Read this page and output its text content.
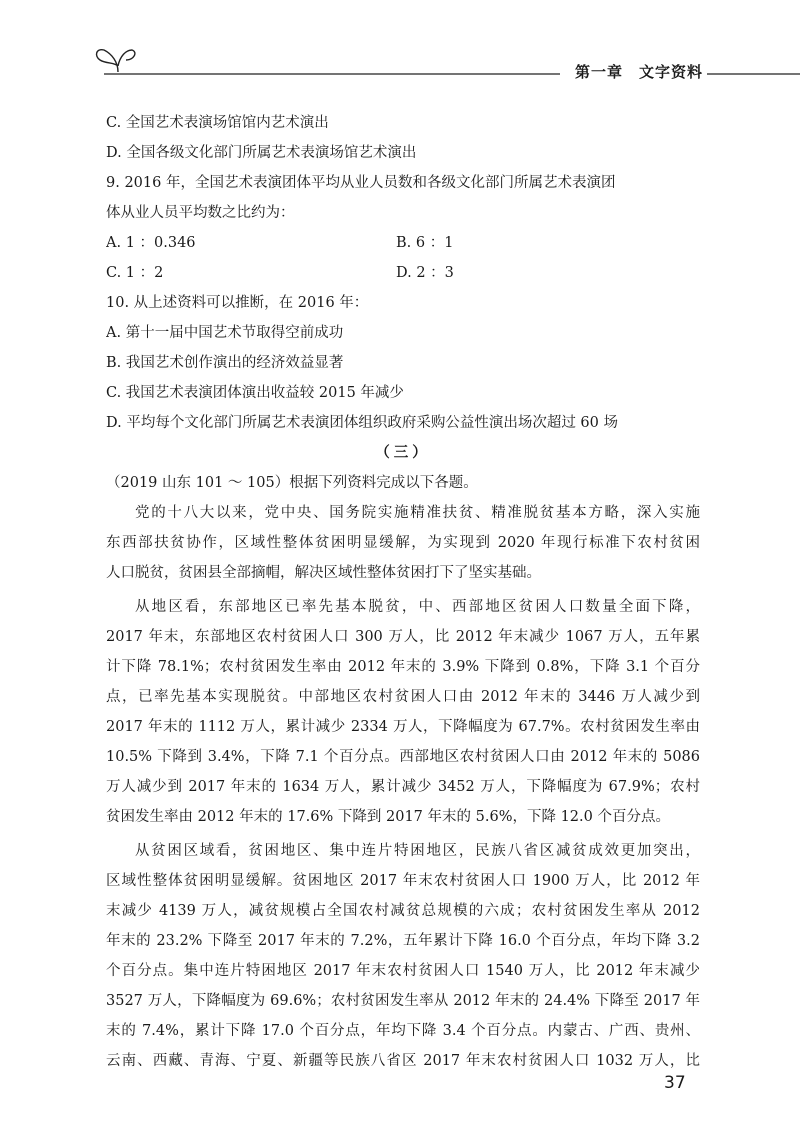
第一章　文字资料
C. 全国艺术表演场馆馆内艺术演出
D. 全国各级文化部门所属艺术表演场馆艺术演出
9. 2016 年，全国艺术表演团体平均从业人员数和各级文化部门所属艺术表演团
体从业人员平均数之比约为：
A. 1 ：0.346	B. 6 ：1
C. 1 ：2	D. 2 ：3
10. 从上述资料可以推断，在 2016 年：
A. 第十一届中国艺术节取得空前成功
B. 我国艺术创作演出的经济效益显著
C. 我国艺术表演团体演出收益较 2015 年减少
D. 平均每个文化部门所属艺术表演团体组织政府采购公益性演出场次超过 60 场
（三）
（2019 山东 101 ～ 105）根据下列资料完成以下各题。
党的十八大以来，党中央、国务院实施精准扶贫、精准脱贫基本方略，深入实施
东西部扶贫协作，区域性整体贫困明显缓解，为实现到 2020 年现行标准下农村贫困
人口脱贫，贫困县全部摘帽，解决区域性整体贫困打下了坚实基础。
从地区看，东部地区已率先基本脱贫，中、西部地区贫困人口数量全面下降，
2017 年末，东部地区农村贫困人口 300 万人，比 2012 年末减少 1067 万人，五年累
计下降 78.1%；农村贫困发生率由 2012 年末的 3.9% 下降到 0.8%，下降 3.1 个百分
点，已率先基本实现脱贫。中部地区农村贫困人口由 2012 年末的 3446 万人减少到
2017 年末的 1112 万人，累计减少 2334 万人，下降幅度为 67.7%。农村贫困发生率由
10.5% 下降到 3.4%，下降 7.1 个百分点。西部地区农村贫困人口由 2012 年末的 5086
万人减少到 2017 年末的 1634 万人，累计减少 3452 万人，下降幅度为 67.9%；农村
贫困发生率由 2012 年末的 17.6% 下降到 2017 年末的 5.6%，下降 12.0 个百分点。
从贫困区域看，贫困地区、集中连片特困地区，民族八省区减贫成效更加突出，
区域性整体贫困明显缓解。贫困地区 2017 年末农村贫困人口 1900 万人，比 2012 年
末减少 4139 万人，减贫规模占全国农村减贫总规模的六成；农村贫困发生率从 2012
年末的 23.2% 下降至 2017 年末的 7.2%，五年累计下降 16.0 个百分点，年均下降 3.2
个百分点。集中连片特困地区 2017 年末农村贫困人口 1540 万人，比 2012 年末减少
3527 万人，下降幅度为 69.6%；农村贫困发生率从 2012 年末的 24.4% 下降至 2017 年
末的 7.4%，累计下降 17.0 个百分点，年均下降 3.4 个百分点。内蒙古、广西、贵州、
云南、西藏、青海、宁夏、新疆等民族八省区 2017 年末农村贫困人口 1032 万人，比
37
